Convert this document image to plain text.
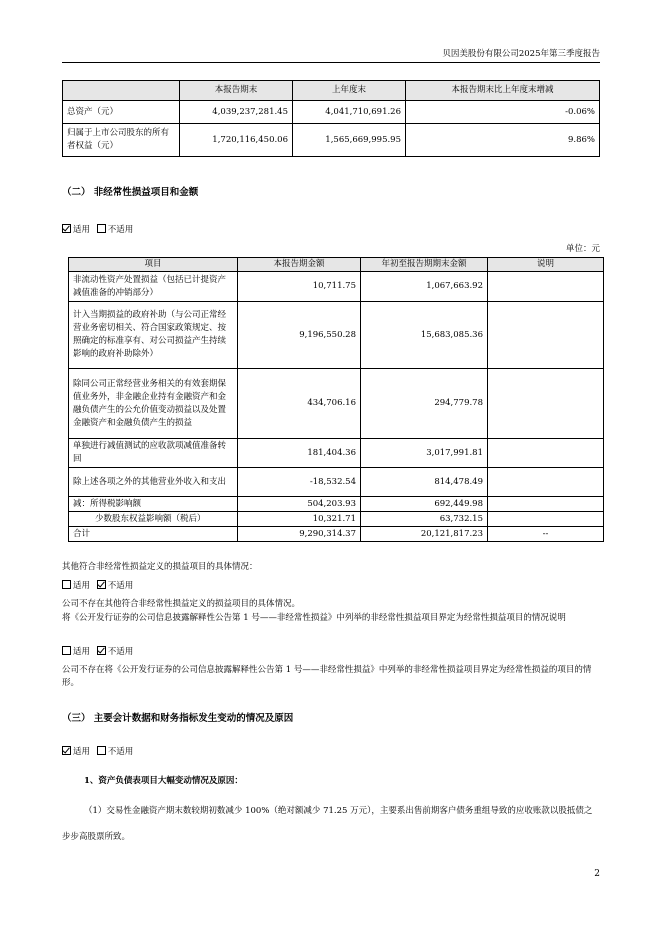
贝因美股份有限公司2025年第三季度报告
	本报告期末	上年度末	本报告期末比上年度末增减
总资产（元）	4,039,237,281.45	4,041,710,691.26	-0.06%
归属于上市公司股东的所有者权益（元）	1,720,116,450.06	1,565,669,995.95	9.86%
（二） 非经常性损益项目和金额
适用 不适用
单位：元
项目	本报告期金额	年初至报告期期末金额	说明
非流动性资产处置损益（包括已计提资产减值准备的冲销部分）	10,711.75	1,067,663.92	
计入当期损益的政府补助（与公司正常经营业务密切相关、符合国家政策规定、按照确定的标准享有、对公司损益产生持续影响的政府补助除外）	9,196,550.28	15,683,085.36	
除同公司正常经营业务相关的有效套期保值业务外，非金融企业持有金融资产和金融负债产生的公允价值变动损益以及处置金融资产和金融负债产生的损益	434,706.16	294,779.78	
单独进行减值测试的应收款项减值准备转回	181,404.36	3,017,991.81	
除上述各项之外的其他营业外收入和支出	-18,532.54	814,478.49	
减：所得税影响额	504,203.93	692,449.98	
少数股东权益影响额（税后）	10,321.71	63,732.15	
合计	9,290,314.37	20,121,817.23	--
其他符合非经常性损益定义的损益项目的具体情况：
适用 不适用
公司不存在其他符合非经常性损益定义的损益项目的具体情况。
将《公开发行证券的公司信息披露解释性公告第 1 号——非经常性损益》中列举的非经常性损益项目界定为经常性损益项目的情况说明
适用 不适用
公司不存在将《公开发行证券的公司信息披露解释性公告第 1 号——非经常性损益》中列举的非经常性损益项目界定为经常性损益的项目的情形。
（三） 主要会计数据和财务指标发生变动的情况及原因
适用 不适用
1、资产负债表项目大幅变动情况及原因：
（1）交易性金融资产期末数较期初数减少 100%（绝对额减少 71.25 万元），主要系出售前期客户债务重组导致的应收账款以股抵债之步步高股票所致。
2
